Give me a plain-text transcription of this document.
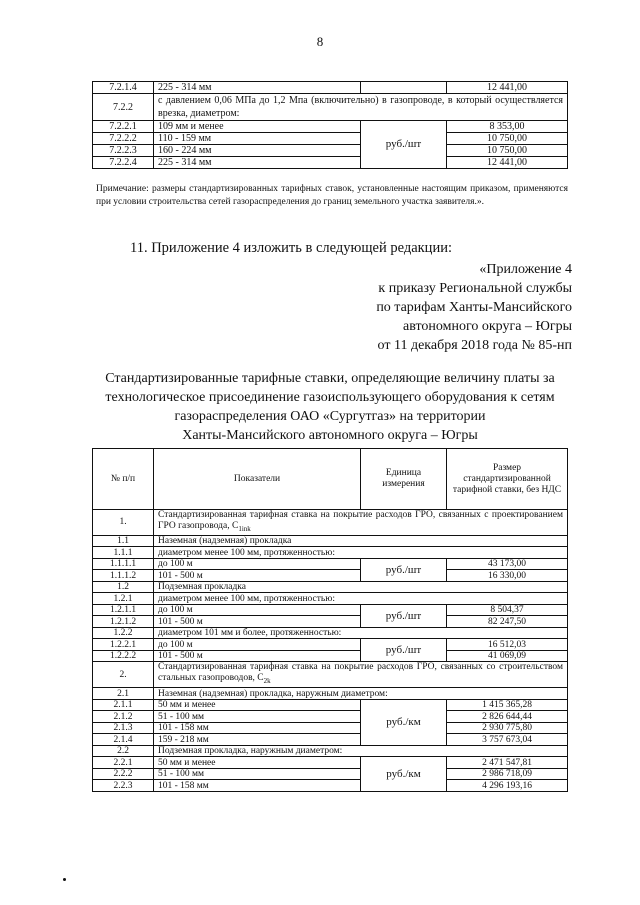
8
7.2.1.4	225 - 314 мм		12 441,00
7.2.2	с давлением 0,06 МПа до 1,2 Мпа (включительно) в газопроводе, в который осуществляется врезка, диаметром:		
7.2.2.1	109 мм и менее	руб./шт	8 353,00
7.2.2.2	110 - 159 мм		10 750,00
7.2.2.3	160 - 224 мм		10 750,00
7.2.2.4	225 - 314 мм		12 441,00
Примечание: размеры стандартизированных тарифных ставок, установленные настоящим приказом, применяются при условии строительства сетей газораспределения до границ земельного участка заявителя.».
11. Приложение 4 изложить в следующей редакции:
«Приложение 4
к приказу Региональной службы
по тарифам Ханты-Мансийского
автономного округа – Югры
от 11 декабря 2018 года № 85-нп
Стандартизированные тарифные ставки, определяющие величину платы за
технологическое присоединение газоиспользующего оборудования к сетям
газораспределения ОАО «Сургутгаз» на территории
Ханты-Мансийского автономного округа – Югры
№ п/п	Показатели	Единица измерения	Размер стандартизированной тарифной ставки, без НДС
1.	Стандартизированная тарифная ставка на покрытие расходов ГРО, связанных с проектированием ГРО газопровода, $C_{1ink}$
1.1	Наземная (надземная) прокладка		
1.1.1	диаметром менее 100 мм, протяженностью:		
1.1.1.1	до 100 м	руб./шт	43 173,00
1.1.1.2	101 - 500 м		16 330,00
1.2	Подземная прокладка		
1.2.1	диаметром менее 100 мм, протяженностью:		
1.2.1.1	до 100 м	руб./шт	8 504,37
1.2.1.2	101 - 500 м		82 247,50
1.2.2	диаметром 101 мм и более, протяженностью:		
1.2.2.1	до 100 м	руб./шт	16 512,03
1.2.2.2	101 - 500 м		41 069,09
2.	Стандартизированная тарифная ставка на покрытие расходов ГРО, связанных со строительством стальных газопроводов, $C_{2k}$
2.1	Наземная (надземная) прокладка, наружным диаметром:		
2.1.1	50 мм и менее	руб./км	1 415 365,28
2.1.2	51 - 100 мм		2 826 644,44
2.1.3	101 - 158 мм		2 930 775,80
2.1.4	159 - 218 мм		3 757 673,04
2.2	Подземная прокладка, наружным диаметром:		
2.2.1	50 мм и менее	руб./км	2 471 547,81
2.2.2	51 - 100 мм		2 986 718,09
2.2.3	101 - 158 мм		4 296 193,16
